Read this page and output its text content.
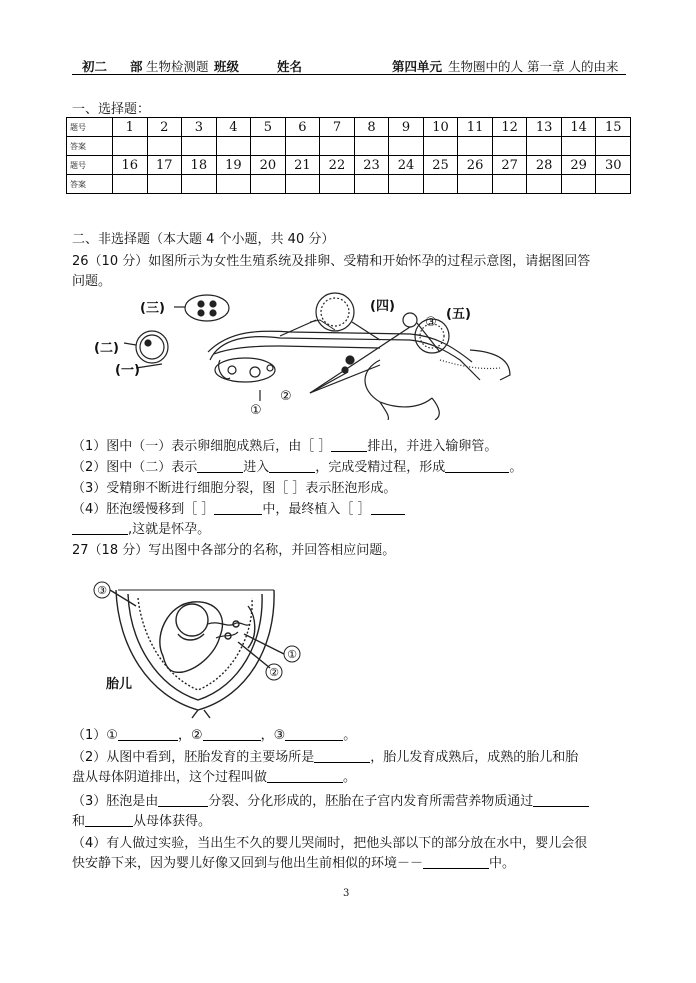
初二 部 生物检测题 班级	姓名	第四单元 生物圈中的人 第一章 人的由来
一、选择题：
题号	1	2	3	4	5	6	7	8	9	10	11	12	13	14	15
答案															
题号	16	17	18	19	20	21	22	23	24	25	26	27	28	29	30
答案															
二、非选择题（本大题 4 个小题，共 40 分）
26（10 分）如图所示为女性生殖系统及排卵、受精和开始怀孕的过程示意图，请据图回答
问题。
(三)
(二)
(一)
(四)
(五)
①
②
③
（1）图中（一）表示卵细胞成熟后，由［ ］	排出，并进入输卵管。
（2）图中（二）表示	进入	，完成受精过程，形成	。
（3）受精卵不断进行细胞分裂，图［ ］表示胚泡形成。
（4）胚泡缓慢移到［ ］	中，最终植入［ ］
,这就是怀孕。
27（18 分）写出图中各部分的名称，并回答相应问题。
③
①
②
胎儿
（1）①	，②	，③	。
（2）从图中看到，胚胎发育的主要场所是	，胎儿发育成熟后，成熟的胎儿和胎
盘从母体阴道排出，这个过程叫做	。
（3）胚泡是由	分裂、分化形成的，胚胎在子宫内发育所需营养物质通过
和	从母体获得。
（4）有人做过实验，当出生不久的婴儿哭闹时，把他头部以下的部分放在水中，婴儿会很
快安静下来，因为婴儿好像又回到与他出生前相似的环境－－	中。
3
